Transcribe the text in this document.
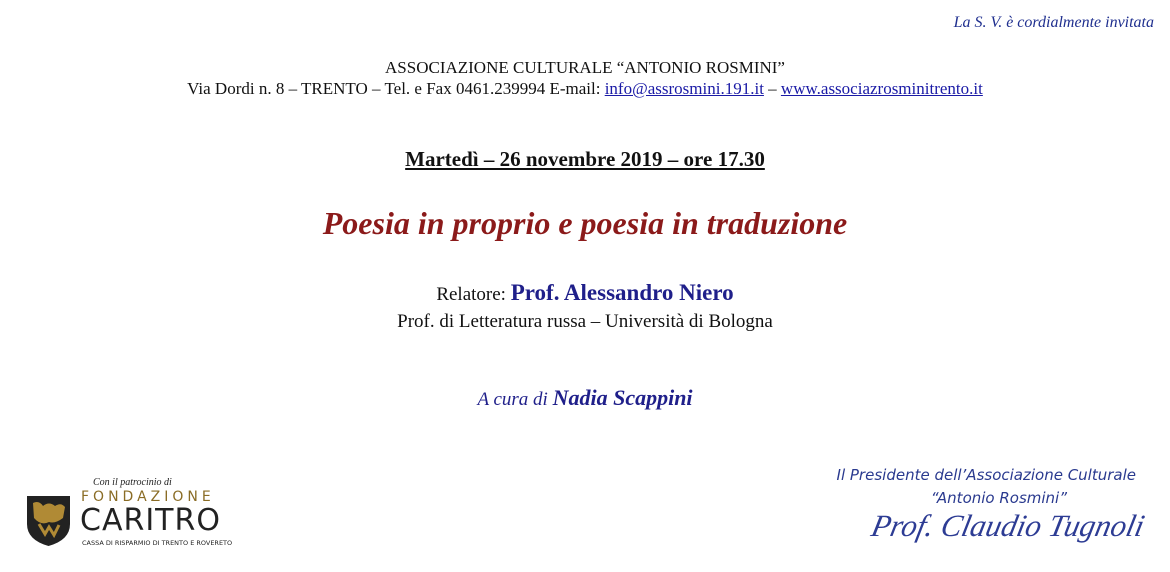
La S. V. è cordialmente invitata
ASSOCIAZIONE CULTURALE “ANTONIO ROSMINI”
Via Dordi n. 8 – TRENTO – Tel. e Fax 0461.239994 E-mail: info@assrosmini.191.it – www.associazrosminitrento.it
Martedì – 26 novembre 2019 – ore 17.30
Poesia in proprio e poesia in traduzione
Relatore: Prof. Alessandro Niero
Prof. di Letteratura russa – Università di Bologna
A cura di Nadia Scappini
Con il patrocinio di
FONDAZIONE
CARITRO
CASSA DI RISPARMIO DI TRENTO E ROVERETO
Il Presidente dell’Associazione Culturale
“Antonio Rosmini”
Prof. Claudio Tugnoli
